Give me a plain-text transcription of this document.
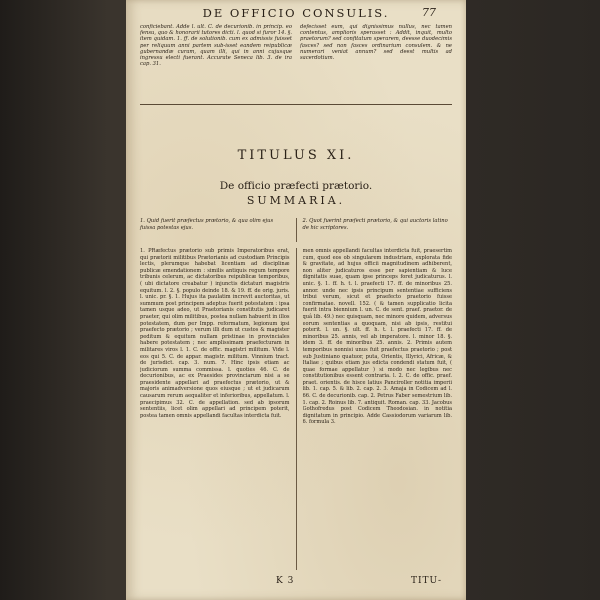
DE OFFICIO CONSULIS.	77
conficiebant. Adde l. ult. C. de decurionib. in princip. eo fensu, quo & honorarii tutores dicti. l. quod si furor 14. §. item quidam. 1. ff. de solutionib. cum ex admissis fuisset per reliquum anni partem sub-isset eandem reipublicæ gubernandæ curam, quam illi, qui in anni cujusque ingressu electi fuerant. Accurate Seneca lib. 3. de ira cap. 31.
defecisset eum, qui dignissimus nullus, nec tamen contentus, amplioris sperasset : Addit, inquit, multo praetorum? sed confitatum sperarem, deesse duodecimis fasces? sed non fasces ordinarium consulem. & ne numerari veniat annum? sed deest multis ad sacerdotium.
TITULUS XI.
De officio præfecti prætorio.
SUMMARIA.
1. Quid fuerit præfectus prætorio, & qua olim ejus fuissa potestas ejus.
2. Quot fuerint præfecti prætorio, & qui auctoris latino de hic scriptores.
1. PRæfectus prætorio sub primis Imperatoribus erat, qui prætorii militibus Prætorianis ad custodiam Principis lectis, plerumque habebat licentiam ad disciplinæ publicæ emendationem : similis antiquis regum tempore tribunis celerum, ac dictatoribus reipublicæ temporibus, ( ubi dictatore creabatur ) injunctis dictaturi magistris equitum. l. 2. §. populo deinde 18. & 19. ff. de orig. juris. l. unic. pr. §. 1. Hujus ita paulatim increvit auctoritas, ut summum post principem adeptus fuerit potestatem : ipsa tamen usque adeo, ut Praetorianis constitutis judicaret praeter, qui olim militibus, postea nullam habuerit in illos potestatem, dum per Impp. reformatum, legionum ipsi praefecto prætorio ; verum illi dum ut custos & magister peditum & equitum nullam pristinae in provinciales habere potestatem ; nec amplissimam praefecturam in militares viros l. 1. C. de offic. magistri militum. Vide l. eos qui 5. C. de appar. magistr. militum. Vinnium tract. de jurisdict. cap. 3. num. 7. Hinc ipsis etiam ac judiciorum summa commissa. l. quoties 46. C. de decurionibus, ac ex Praesides provinciarum nisi a se praesidente appellari ad praefectus prætorio, ut & majoris animadversione quos eiusque ; ut et judicarum causarum rerum aequaliter et inferioribus, appellatum. l. praecipimus 32. C. de appellation. sed ab ipsorum sententiis, licet olim appellari ad principem poterit, postea tamen omnis appellandi facultas interdicta fuit.
men omnis appellandi facultas interdicta fuit, praesertim cum, quod eos ob singularem industriam, explorata fide & gravitate, ad hujus officii magnitudinem adhiberent, non aliter judicaturos esse per sapientiam & luce dignitatis suae, quam ipse princeps foret judicaturus. l. unic. §. 1. ff. h. t. l. praefecti 17. ff. de minoribus 25. annor. unde nec ipsis principum sententiae sufficiens tribui verum, sicut et praefecto praetorio fuisse confirmatae. novell. 152. ( & tamen supplicatio licita fuerit intra biennium l. un. C. de sent. praef. praetor. de quâ lib. 49.) nec quisquam, nec minore quidem, adversus eorum sententias a quoquam, nisi ab ipsis, restitui poterit. l. un. §. ult. ff. h. t. l. praefecti 17. ff. de minoribus 25. annis, vel ab imperatore. l. minor 18. §. idem 3. ff. de minoribus 25. annis. 2. Primis autem temporibus nonnisi unus fuit praefectus praetorio ; post sub Justiniano quatuor, puta, Orientis, Illyrici, Africæ, & Italiae ; quibus etiam jus edicta condendi statum fuit, ( quae formae appellatur ) si modo nec legibus nec constitutionibus essent contraria. l. 2. C. de offic. praef. praet. orientis. de hisce latius Panciroller notitia imperii lib. 1. cap. 5. & lib. 2. cap. 2. 3. Amaja in Codicem ad l. 66. C. de decurionib. cap. 2. Petrus Faber semestrium lib. 1. cap. 2. Roinus lib. 7. antiquit. Roman. cap. 33. Jacobus Gothofredus post Codicem Theodosian. in notitia dignitatum in principio. Adde Cassiodorum variarum lib. 6. formula 3.
K 3	TITU-
